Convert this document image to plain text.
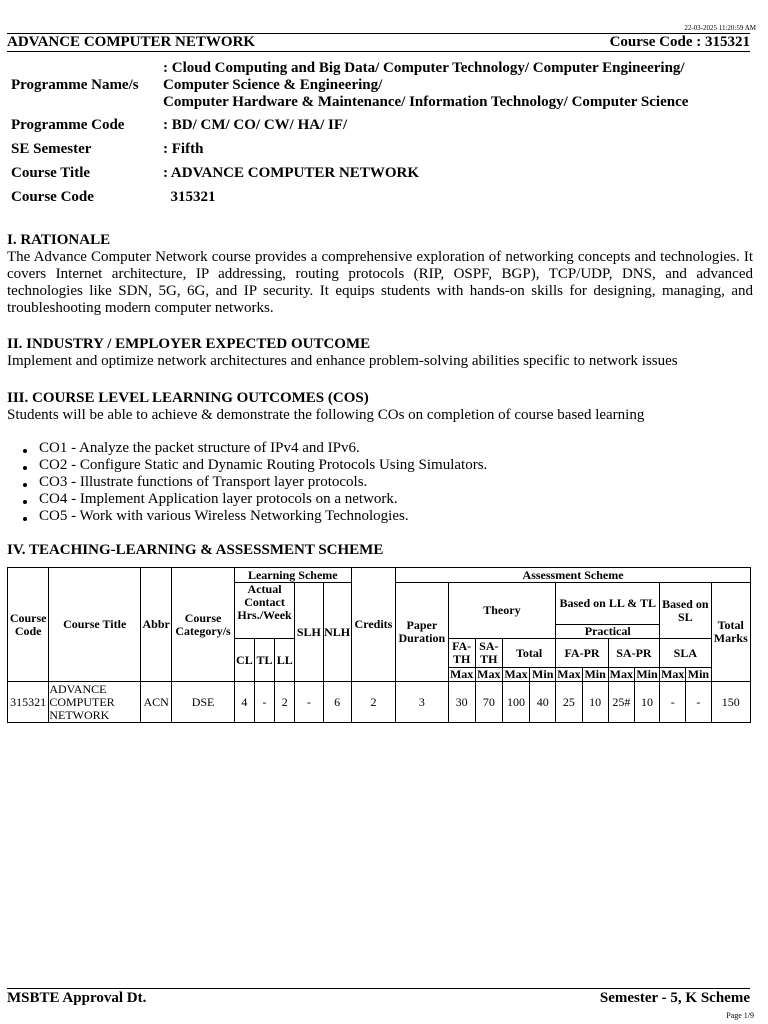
22-03-2025 11:20:59 AM
ADVANCE COMPUTER NETWORK	Course Code : 315321
Programme Name/s	: Cloud Computing and Big Data/ Computer Technology/ Computer Engineering/
Computer Science & Engineering/
Computer Hardware & Maintenance/ Information Technology/ Computer Science

Programme Code	: BD/ CM/ CO/ CW/ HA/ IF/

SE Semester	: Fifth

Course Title	: ADVANCE COMPUTER NETWORK

Course Code	315321
I. RATIONALE

The Advance Computer Network course provides a comprehensive exploration of networking concepts and technologies. It covers Internet architecture, IP addressing, routing protocols (RIP, OSPF, BGP), TCP/UDP, DNS, and advanced technologies like SDN, 5G, 6G, and IP security. It equips students with hands-on skills for designing, managing, and troubleshooting modern computer networks.

II. INDUSTRY / EMPLOYER EXPECTED OUTCOME

Implement and optimize network architectures and enhance problem-solving abilities specific to network issues

III. COURSE LEVEL LEARNING OUTCOMES (COS)

Students will be able to achieve & demonstrate the following COs on completion of course based learning

CO1 - Analyze the packet structure of IPv4 and IPv6.
CO2 - Configure Static and Dynamic Routing Protocols Using Simulators.
CO3 - Illustrate functions of Transport layer protocols.
CO4 - Implement Application layer protocols on a network.
CO5 - Work with various Wireless Networking Technologies.
IV. TEACHING-LEARNING & ASSESSMENT SCHEME
Course Code	Course Title	Abbr	Course Category/s	Learning Scheme					Credits	Assessment Scheme											
				Actual Contact Hrs./Week			SLH	NLH		Paper Duration	Theory				Based on LL & TL				Based on SL		Total Marks
															Practical						
				CL	TL	LL					FA-TH	SA-TH	Total		FA-PR		SA-PR		SLA		
											Max	Max	Max	Min	Max	Min	Max	Min	Max	Min	
315321	ADVANCE COMPUTER NETWORK	ACN	DSE	4	-	2	-	6	2	3	30	70	100	40	25	10	25#	10	-	-	150
MSBTE Approval Dt.	Semester - 5, K Scheme
Page 1/9
